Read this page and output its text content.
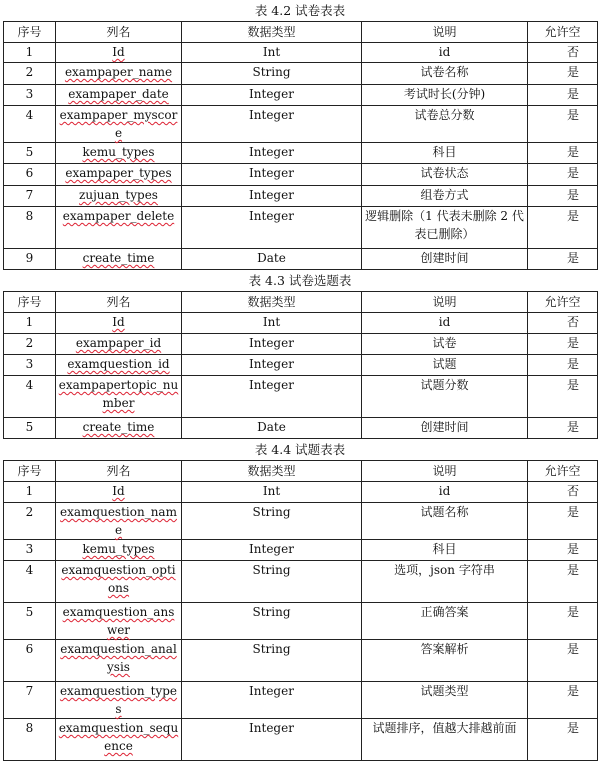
表 4.2 试卷表表
序号	列名	数据类型	说明	允许空
1	Id	Int	id	否
2	exampaper_name	String	试卷名称	是
3	exampaper_date	Integer	考试时长(分钟)	是
4	exampaper_myscore	Integer	试卷总分数	是
5	kemu_types	Integer	科目	是
6	exampaper_types	Integer	试卷状态	是
7	zujuan_types	Integer	组卷方式	是
8	exampaper_delete	Integer	逻辑删除（1 代表未删除 2 代表已删除）	是
9	create_time	Date	创建时间	是
表 4.3 试卷选题表
序号	列名	数据类型	说明	允许空
1	Id	Int	id	否
2	exampaper_id	Integer	试卷	是
3	examquestion_id	Integer	试题	是
4	exampapertopic_number	Integer	试题分数	是
5	create_time	Date	创建时间	是
表 4.4 试题表表
序号	列名	数据类型	说明	允许空
1	Id	Int	id	否
2	examquestion_name	String	试题名称	是
3	kemu_types	Integer	科目	是
4	examquestion_options	String	选项，json 字符串	是
5	examquestion_answer	String	正确答案	是
6	examquestion_analysis	String	答案解析	是
7	examquestion_types	Integer	试题类型	是
8	examquestion_sequence	Integer	试题排序，值越大排越前面	是
